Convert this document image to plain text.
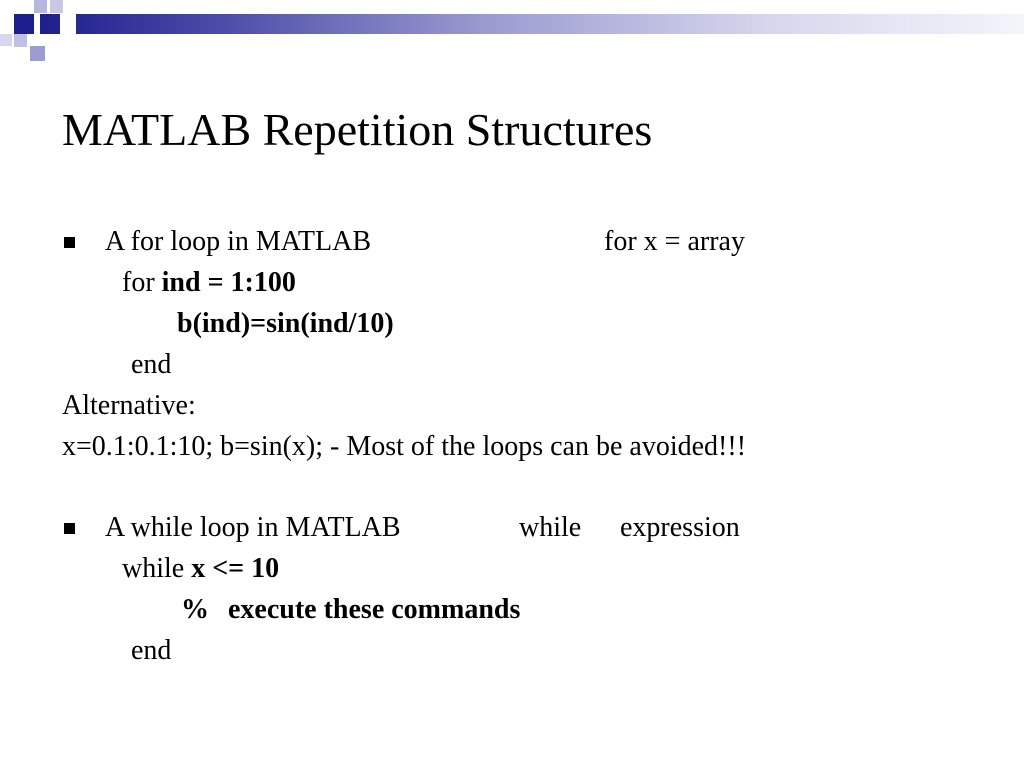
MATLAB Repetition Structures
A for loop in MATLAB	for x = array
for ind = 1:100
b(ind)=sin(ind/10)
end
Alternative:
x=0.1:0.1:10; b=sin(x); - Most of the loops can be avoided!!!
A while loop in MATLAB	while expression
while x <= 10
% execute these commands
end
